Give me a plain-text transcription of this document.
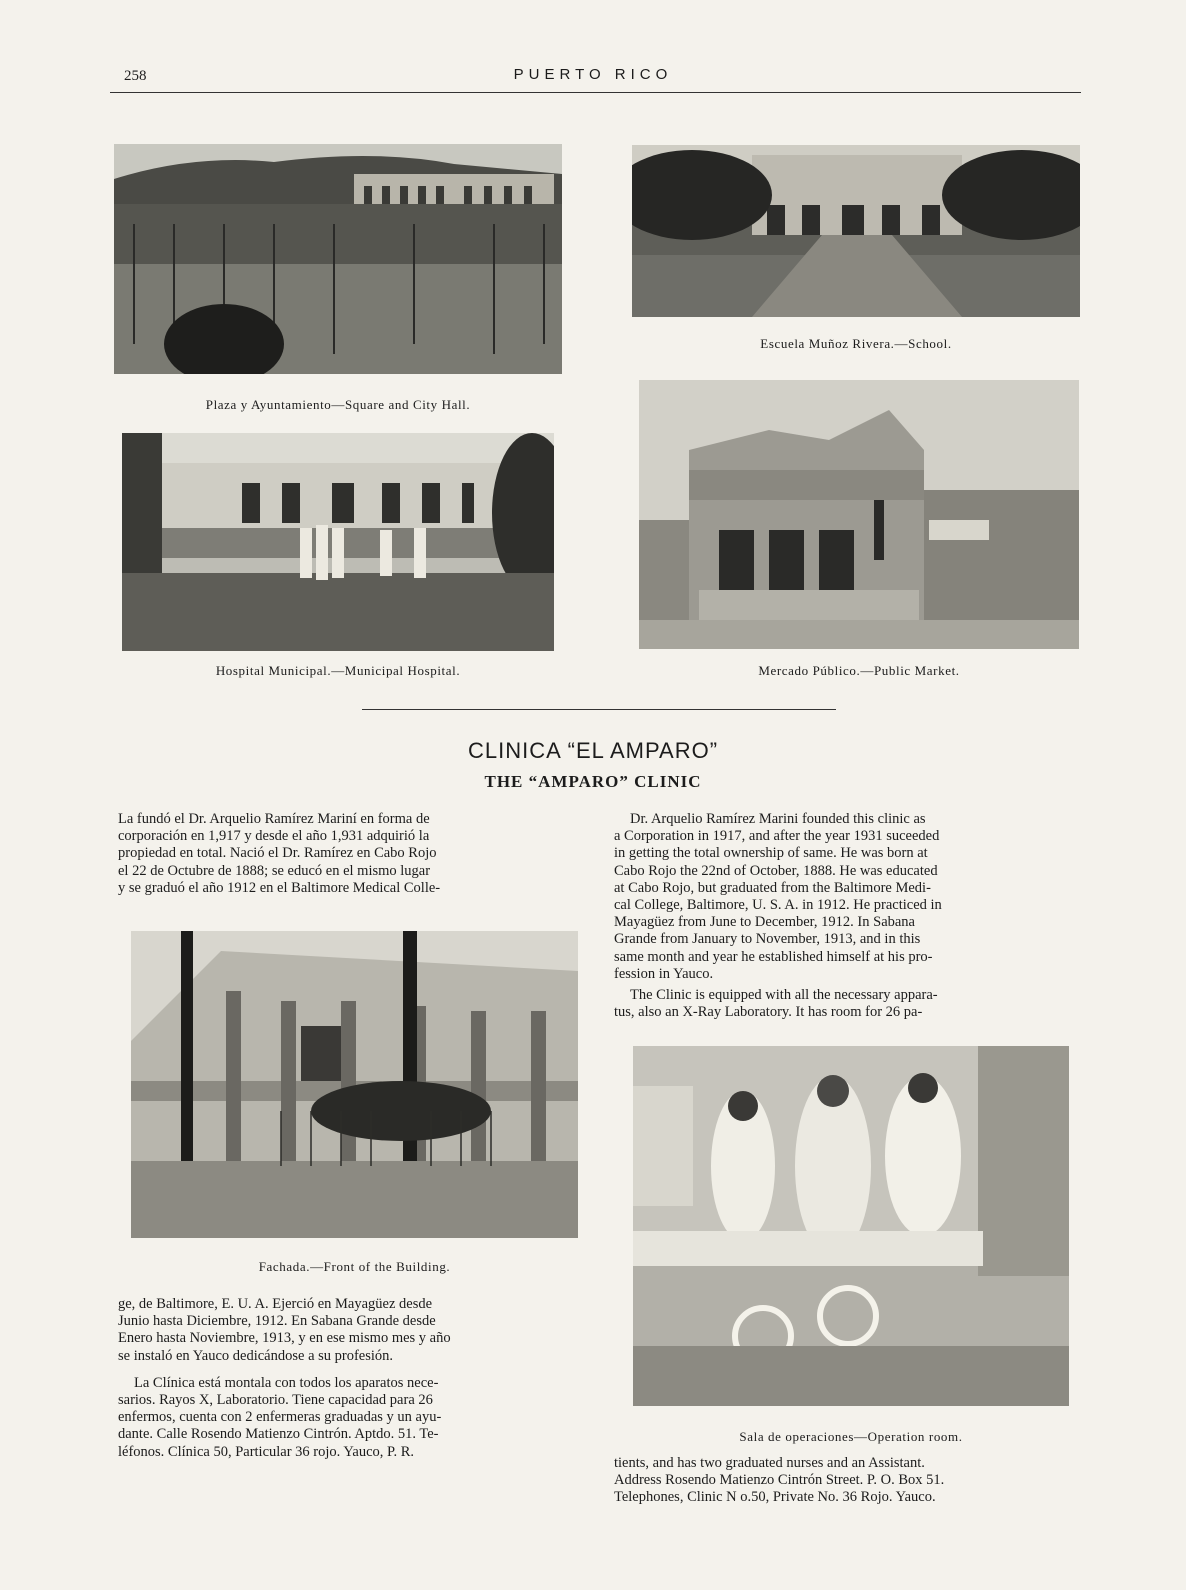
258	PUERTO RICO
Plaza y Ayuntamiento—Square and City Hall.
Escuela Muñoz Rivera.—School.
Hospital Municipal.—Municipal Hospital.	Mercado Público.—Public Market.
CLINICA “EL AMPARO”
THE “AMPARO” CLINIC
La fundó el Dr. Arquelio Ramírez Mariní en forma de
corporación en 1,917 y desde el año 1,931 adquirió la
propiedad en total. Nació el Dr. Ramírez en Cabo Rojo
el 22 de Octubre de 1888; se educó en el mismo lugar
y se graduó el año 1912 en el Baltimore Medical Colle-
Dr. Arquelio Ramírez Marini founded this clinic as
a Corporation in 1917, and after the year 1931 suceeded
in getting the total ownership of same. He was born at
Cabo Rojo the 22nd of October, 1888. He was educated
at Cabo Rojo, but graduated from the Baltimore Medi-
cal College, Baltimore, U. S. A. in 1912. He practiced in
Mayagüez from June to December, 1912. In Sabana
Grande from January to November, 1913, and in this
same month and year he established himself at his pro-
fession in Yauco.
The Clinic is equipped with all the necessary appara-
tus, also an X-Ray Laboratory. It has room for 26 pa-
Fachada.—Front of the Building.
Sala de operaciones—Operation room.
ge, de Baltimore, E. U. A. Ejerció en Mayagüez desde
Junio hasta Diciembre, 1912. En Sabana Grande desde
Enero hasta Noviembre, 1913, y en ese mismo mes y año
se instaló en Yauco dedicándose a su profesión.
La Clínica está montala con todos los aparatos nece-
sarios. Rayos X, Laboratorio. Tiene capacidad para 26
enfermos, cuenta con 2 enfermeras graduadas y un ayu-
dante. Calle Rosendo Matienzo Cintrón. Aptdo. 51. Te-
léfonos. Clínica 50, Particular 36 rojo. Yauco, P. R.
tients, and has two graduated nurses and an Assistant.
Address Rosendo Matienzo Cintrón Street. P. O. Box 51.
Telephones, Clinic N o.50, Private No. 36 Rojo. Yauco.
